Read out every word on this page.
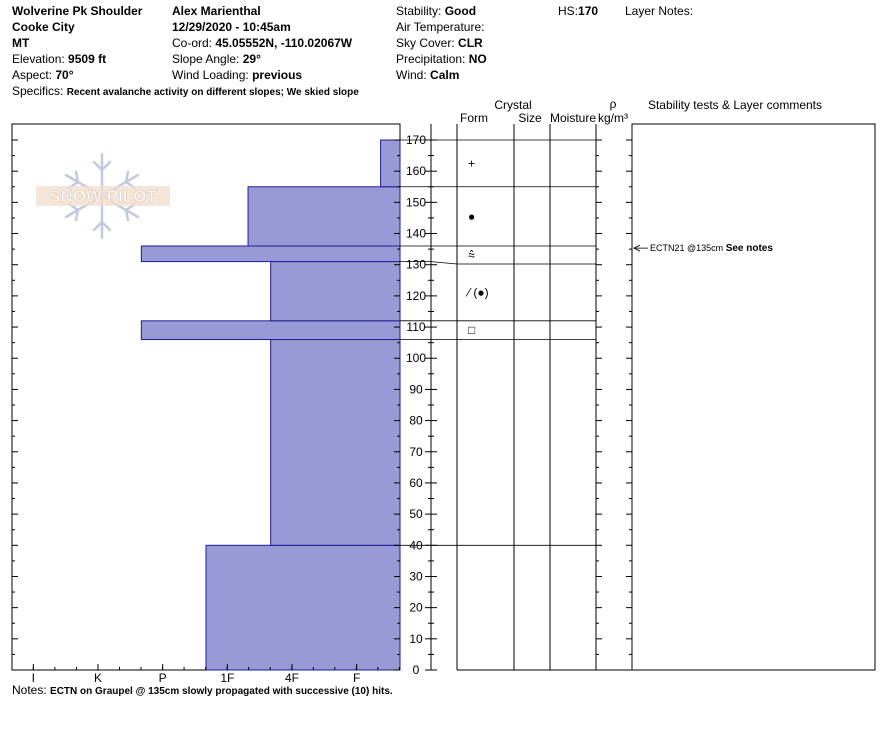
Wolverine Pk Shoulder
Cooke City
MT
Elevation: 9509 ft
Aspect: 70°
Specifics: Recent avalanche activity on different slopes; We skied slope
Alex Marienthal
12/29/2020 - 10:45am
Co-ord: 45.05552N, -110.02067W
Slope Angle: 29°
Wind Loading: previous
Stability: Good
Air Temperature:
Sky Cover: CLR
Precipitation: NO
Wind: Calm
HS:170 Layer Notes:
Crystal
Form	Size Moisture
ρ
kg/m³
Stability tests & Layer comments
SNOW PILOT
I	K	P	1F	4F	F
0
10
20
30
40
50
60
70
80
90
100
110
120
130
140
150
160
170
□
⁄ (●)
⩯
●
+
ECTN21 @135cm See notes
Notes: ECTN on Graupel @ 135cm slowly propagated with successive (10) hits.
